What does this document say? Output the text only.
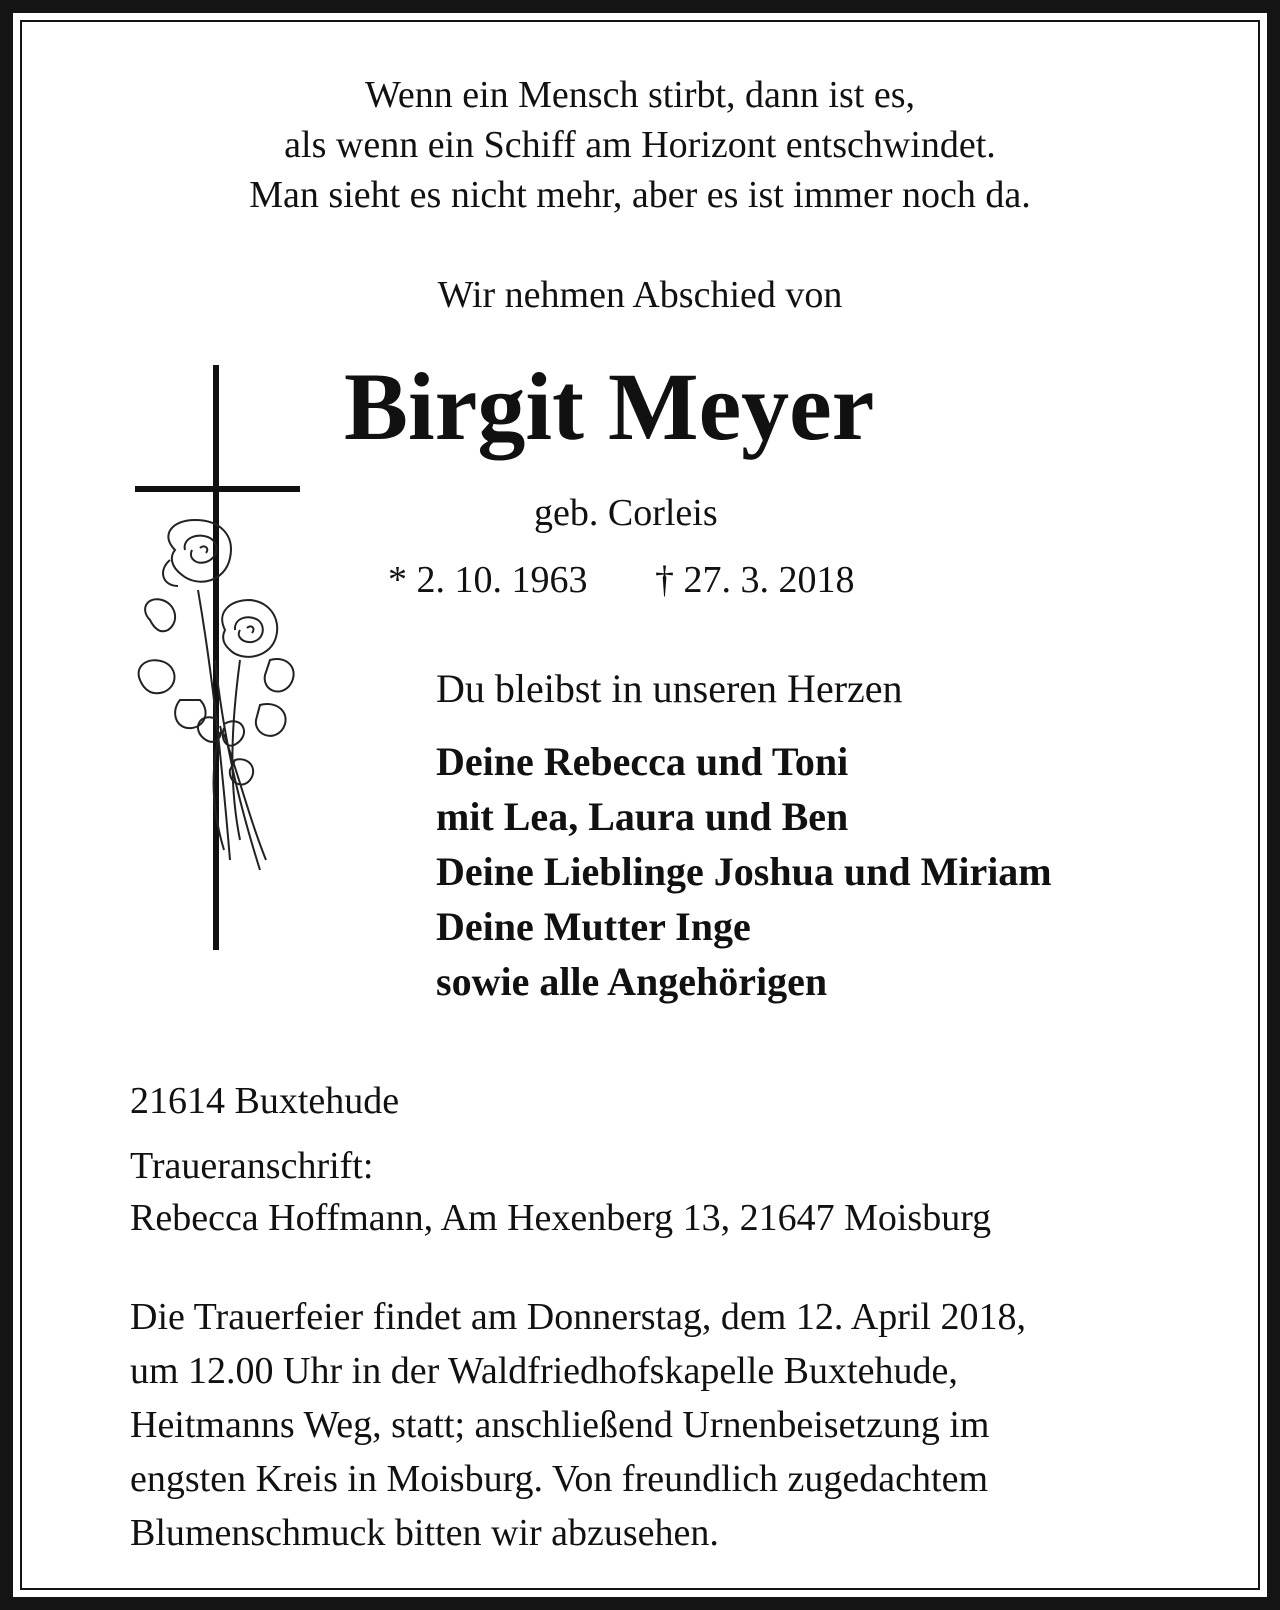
Wenn ein Mensch stirbt, dann ist es,
als wenn ein Schiff am Horizont entschwindet.
Man sieht es nicht mehr, aber es ist immer noch da.
Wir nehmen Abschied von
Birgit Meyer
geb. Corleis
* 2. 10. 1963 † 27. 3. 2018
Du bleibst in unseren Herzen
Deine Rebecca und Toni
mit Lea, Laura und Ben
Deine Lieblinge Joshua und Miriam
Deine Mutter Inge
sowie alle Angehörigen
21614 Buxtehude
Traueranschrift:
Rebecca Hoffmann, Am Hexenberg 13, 21647 Moisburg
Die Trauerfeier findet am Donnerstag, dem 12. April 2018,
um 12.00 Uhr in der Waldfriedhofskapelle Buxtehude,
Heitmanns Weg, statt; anschließend Urnenbeisetzung im
engsten Kreis in Moisburg. Von freundlich zugedachtem
Blumenschmuck bitten wir abzusehen.
